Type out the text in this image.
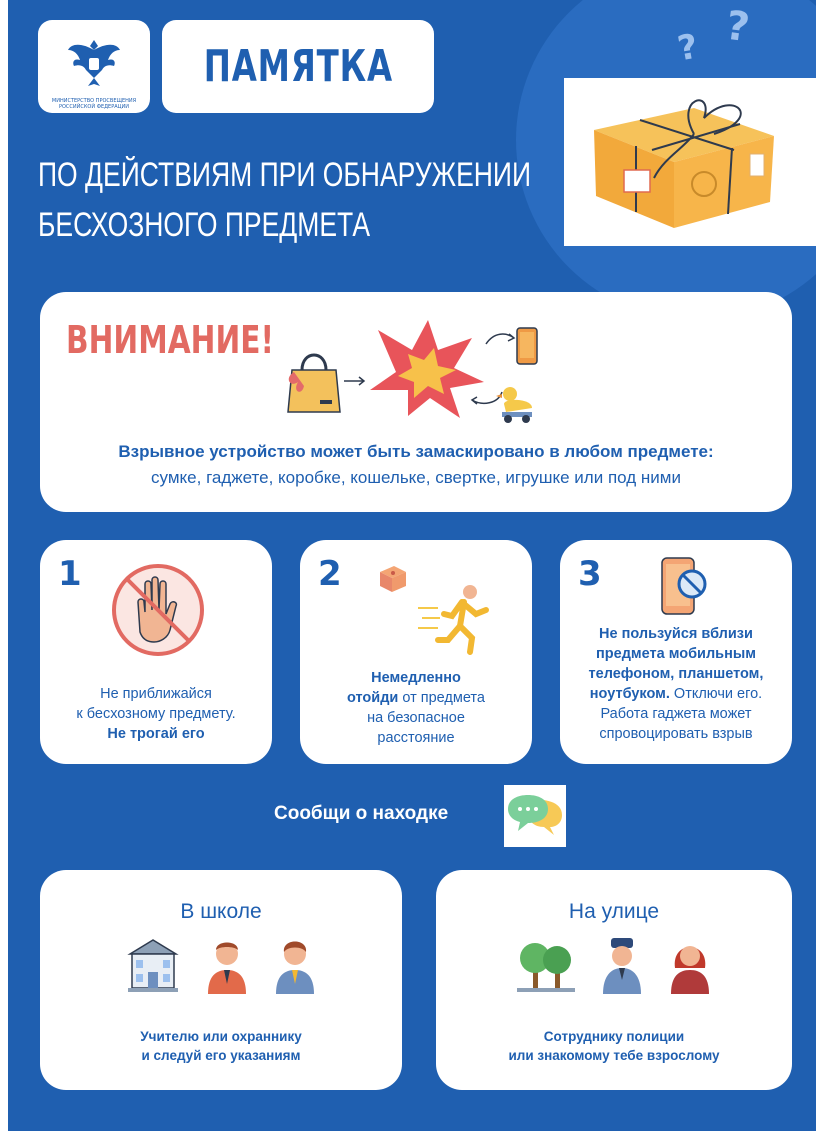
? ?
МИНИСТЕРСТВО ПРОСВЕЩЕНИЯ РОССИЙСКОЙ ФЕДЕРАЦИИ
ПАМЯТКА
ПО ДЕЙСТВИЯМ ПРИ ОБНАРУЖЕНИИ
БЕСХОЗНОГО ПРЕДМЕТА
ВНИМАНИЕ!
Взрывное устройство может быть замаскировано в любом предмете:
сумке, гаджете, коробке, кошельке, свертке, игрушке или под ними
1
Не приближайся
к бесхозному предмету.
Не трогай его
2
Немедленно
отойди от предмета
на безопасное
расстояние
3
Не пользуйся вблизи
предмета мобильным
телефоном, планшетом,
ноутбуком. Отключи его.
Работа гаджета может
спровоцировать взрыв
Сообщи о находке
В школе
Учителю или охраннику
и следуй его указаниям
На улице
Сотруднику полиции
или знакомому тебе взрослому
